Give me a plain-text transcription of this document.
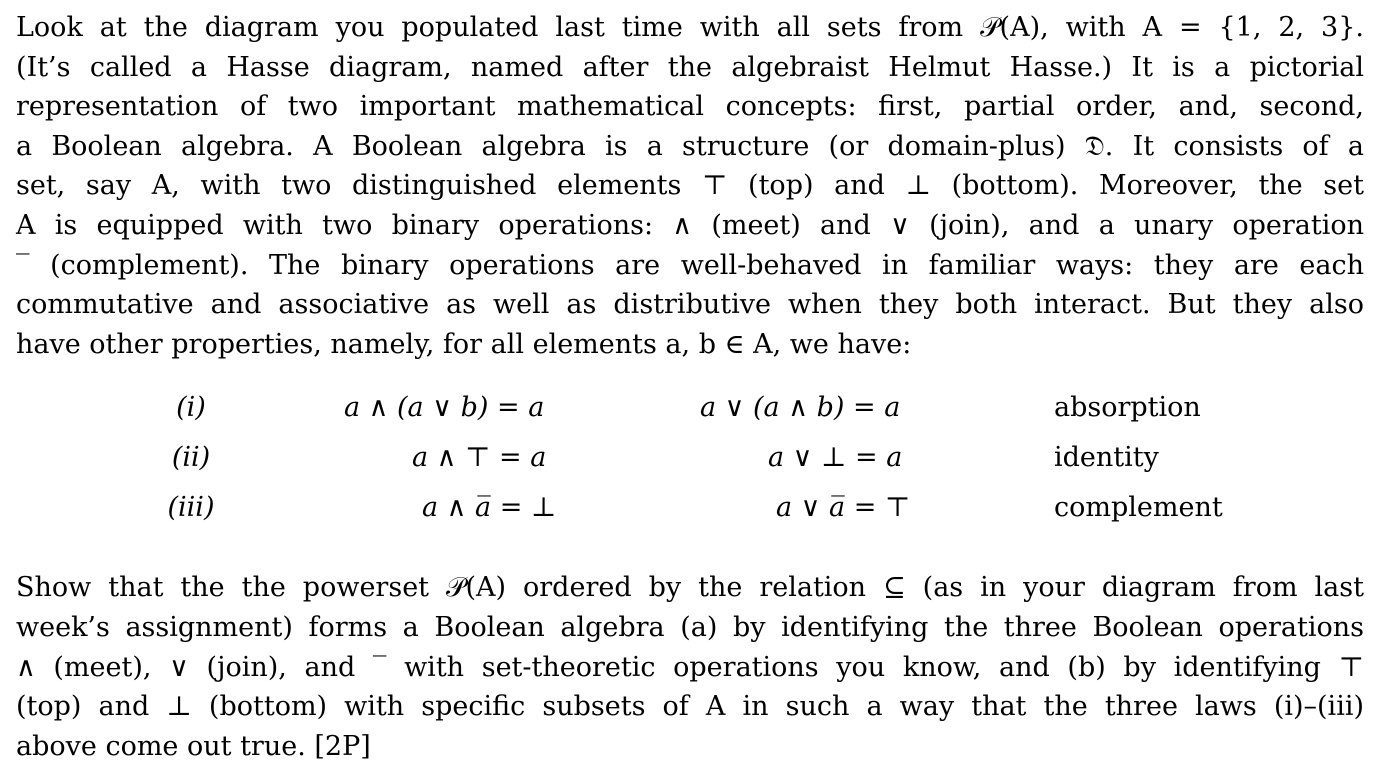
Look at the diagram you populated last time with all sets from 𝒫(A), with A = {1, 2, 3}.
(It’s called a Hasse diagram, named after the algebraist Helmut Hasse.) It is a pictorial
representation of two important mathematical concepts: first, partial order, and, second,
a Boolean algebra. A Boolean algebra is a structure (or domain-plus) 𝔇. It consists of a
set, say A, with two distinguished elements ⊤ (top) and ⊥ (bottom). Moreover, the set
A is equipped with two binary operations: ∧ (meet) and ∨ (join), and a unary operation
‾ (complement). The binary operations are well-behaved in familiar ways: they are each
commutative and associative as well as distributive when they both interact. But they also
have other properties, namely, for all elements a, b ∈ A, we have:
(i)	a ∧ (a ∨ b) = a	a ∨ (a ∧ b) = a	absorption
(ii)	a ∧ ⊤ = a	a ∨ ⊥ = a	identity
(iii)	a ∧ a̅ = ⊥	a ∨ a̅ = ⊤	complement
Show that the the powerset 𝒫(A) ordered by the relation ⊆ (as in your diagram from last
week’s assignment) forms a Boolean algebra (a) by identifying the three Boolean operations
∧ (meet), ∨ (join), and ‾ with set-theoretic operations you know, and (b) by identifying ⊤
(top) and ⊥ (bottom) with specific subsets of A in such a way that the three laws (i)–(iii)
above come out true. [2P]
